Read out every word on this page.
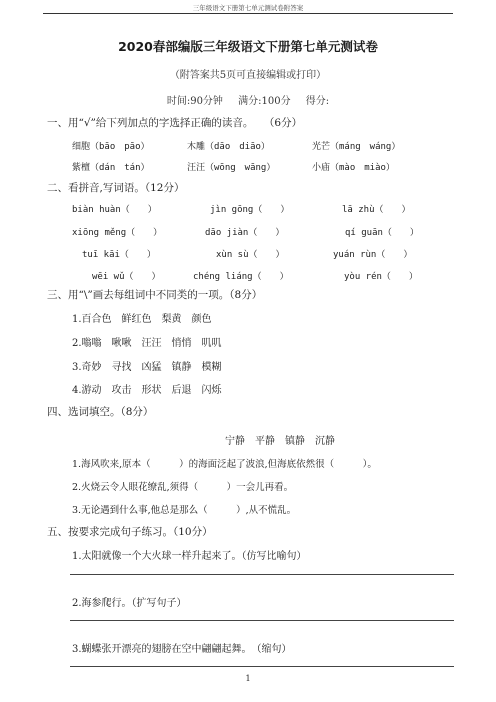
三年级语文下册第七单元测试卷附答案
2020春部编版三年级语文下册第七单元测试卷
（附答案共5页可直接编辑或打印）
时间:90分钟 满分:100分 得分:
一、用“√”给下列加点的字选择正确的读音。　　（6分）
细胞（bāo　pāo）	木雕（dāo　diāo）	光芒（máng　wáng）
紫檀（dán　tán）	汪汪（wōng　wāng）	小庙（mào　miào）
二、看拼音,写词语。（12分）
biàn huàn（　　）	jìn gōng（　　）	lā zhù（　　）
xiōng měng（　　）	dāo jiàn（　　）	qí guān（　　）
tuī kāi（　　）	xùn sù（　　）	yuán rùn（　　）
wēi wǔ（　　）	chéng liáng（　　）	yòu rén（　　）
三、用“\”画去每组词中不同类的一项。（8分）
1.百合色 鲜红色 梨黄 颜色
2.嗡嗡 啾啾 汪汪 悄悄 叽叽
3.奇妙 寻找 凶猛 镇静 模糊
4.游动 攻击 形状 后退 闪烁
四、选词填空。（8分）
宁静 平静 镇静 沉静
1.海风吹来,原本（　　　）的海面泛起了波浪,但海底依然很（　　　）。
2.火烧云令人眼花缭乱,须得（　　　）一会儿再看。
3.无论遇到什么事,他总是那么（　　　）,从不慌乱。
五、按要求完成句子练习。（10分）
1.太阳就像一个大火球一样升起来了。（仿写比喻句）
2.海参爬行。（扩写句子）
3.蝴蝶张开漂亮的翅膀在空中翩翩起舞。　（缩句）
1
